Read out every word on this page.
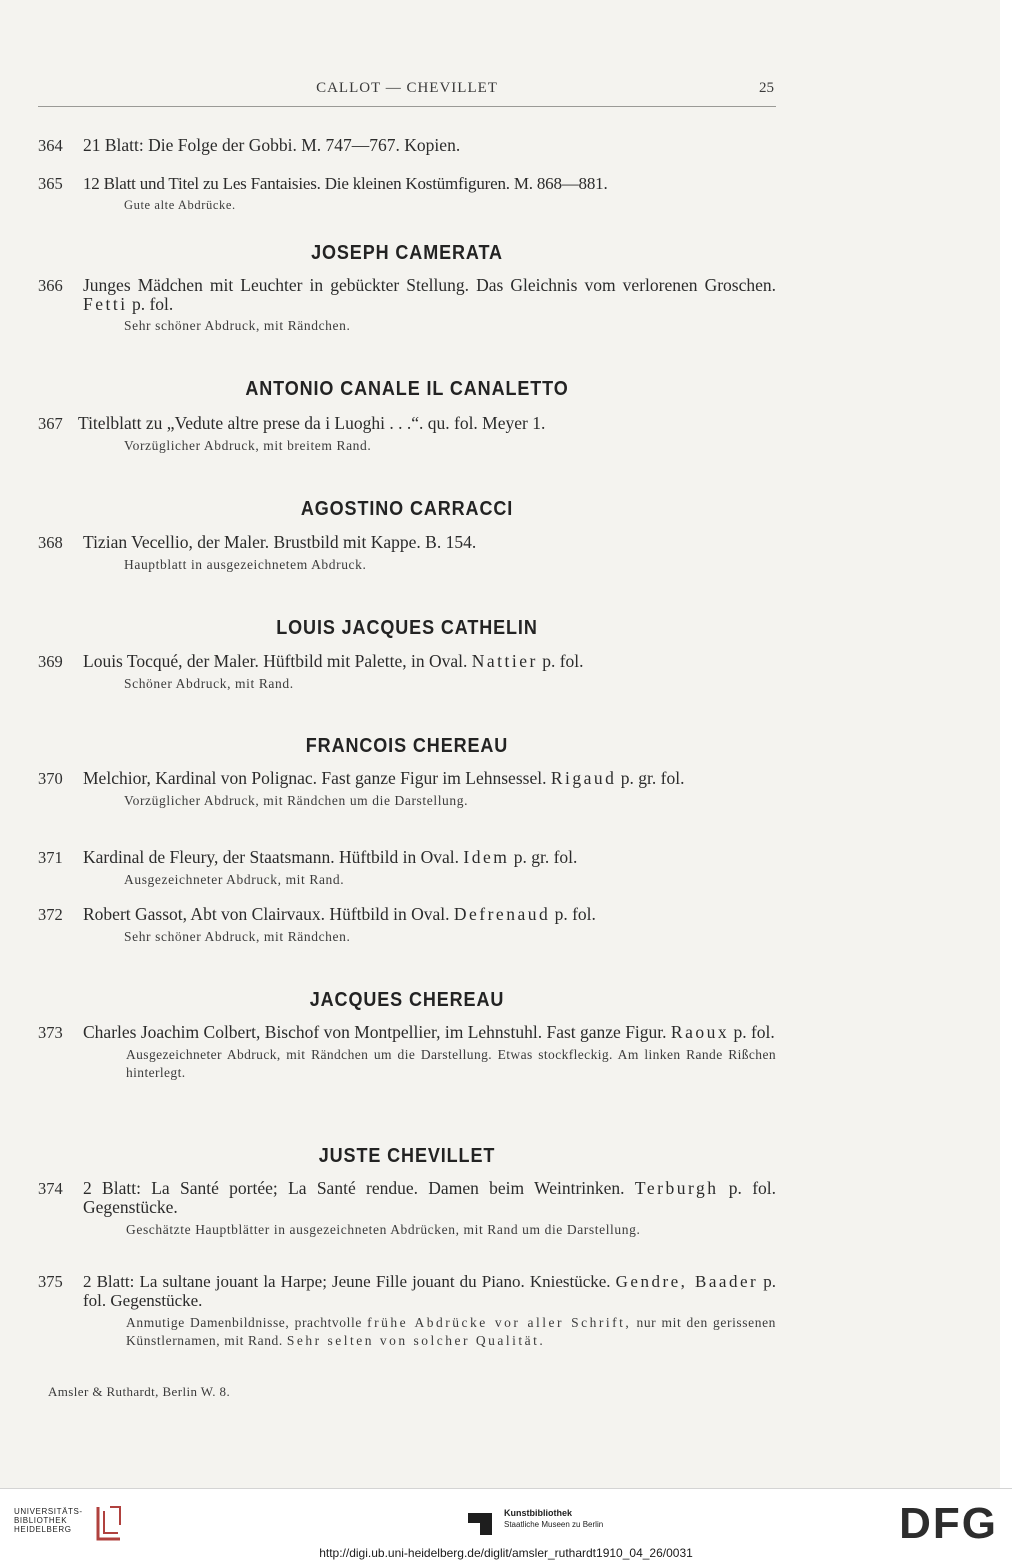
CALLOT — CHEVILLET	25
364 21 Blatt: Die Folge der Gobbi. M. 747—767. Kopien.
365 12 Blatt und Titel zu Les Fantaisies. Die kleinen Kostümfiguren. M. 868—881.
Gute alte Abdrücke.
JOSEPH CAMERATA
366 Junges Mädchen mit Leuchter in gebückter Stellung. Das Gleichnis vom verlorenen Groschen. Fetti p. fol.
Sehr schöner Abdruck, mit Rändchen.
ANTONIO CANALE IL CANALETTO
367 Titelblatt zu „Vedute altre prese da i Luoghi . . .“. qu. fol. Meyer 1.
Vorzüglicher Abdruck, mit breitem Rand.
AGOSTINO CARRACCI
368 Tizian Vecellio, der Maler. Brustbild mit Kappe. B. 154.
Hauptblatt in ausgezeichnetem Abdruck.
LOUIS JACQUES CATHELIN
369 Louis Tocqué, der Maler. Hüftbild mit Palette, in Oval. Nattier p. fol.
Schöner Abdruck, mit Rand.
FRANCOIS CHEREAU
370 Melchior, Kardinal von Polignac. Fast ganze Figur im Lehnsessel. Rigaud p. gr. fol.
Vorzüglicher Abdruck, mit Rändchen um die Darstellung.
371 Kardinal de Fleury, der Staatsmann. Hüftbild in Oval. Idem p. gr. fol.
Ausgezeichneter Abdruck, mit Rand.
372 Robert Gassot, Abt von Clairvaux. Hüftbild in Oval. Defrenaud p. fol.
Sehr schöner Abdruck, mit Rändchen.
JACQUES CHEREAU
373 Charles Joachim Colbert, Bischof von Montpellier, im Lehnstuhl. Fast ganze Figur. Raoux p. fol.
Ausgezeichneter Abdruck, mit Rändchen um die Darstellung. Etwas stockfleckig. Am linken Rande Rißchen hinterlegt.
JUSTE CHEVILLET
374 2 Blatt: La Santé portée; La Santé rendue. Damen beim Weintrinken. Terburgh p. fol. Gegenstücke.
Geschätzte Hauptblätter in ausgezeichneten Abdrücken, mit Rand um die Darstellung.
375 2 Blatt: La sultane jouant la Harpe; Jeune Fille jouant du Piano. Kniestücke. Gendre, Baader p. fol. Gegenstücke.
Anmutige Damenbildnisse, prachtvolle frühe Abdrücke vor aller Schrift, nur mit den gerissenen Künstlernamen, mit Rand. Sehr selten von solcher Qualität.
Amsler & Ruthardt, Berlin W. 8.
UNIVERSITÄTS-
BIBLIOTHEK
HEIDELBERG
Kunstbibliothek
Staatliche Museen zu Berlin	DFG
http://digi.ub.uni-heidelberg.de/diglit/amsler_ruthardt1910_04_26/0031
